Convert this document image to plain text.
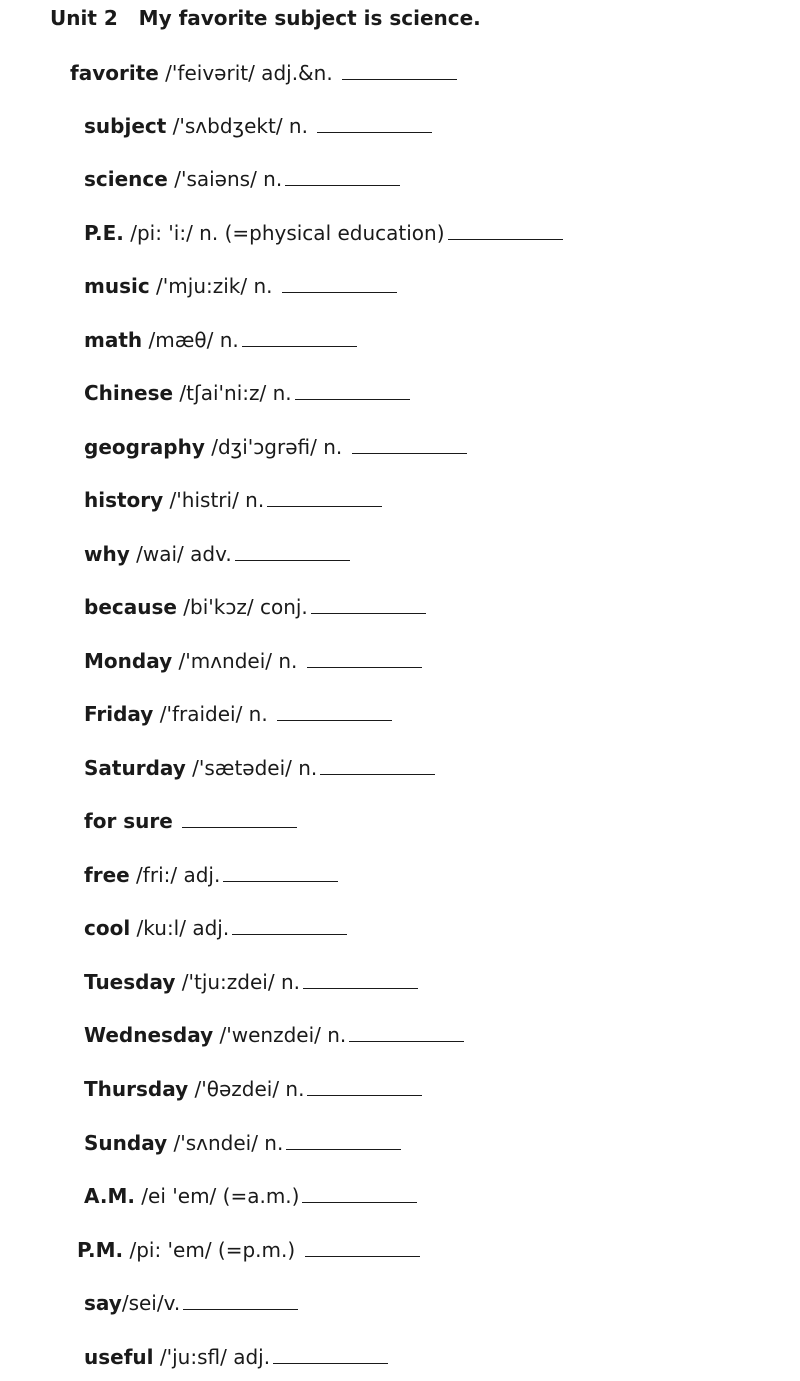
Unit 2   My favorite subject is science.
favorite /'feivərit/ adj.&n.
subject /'sʌbdʒekt/ n.
science /'saiəns/ n.
P.E. /pi: 'i:/ n. (=physical education)
music /'mju:zik/ n.
math /mæθ/ n.
Chinese /tʃai'ni:z/ n.
geography /dʒi'ɔgrəfi/ n.
history /'histri/ n.
why /wai/ adv.
because /bi'kɔz/ conj.
Monday /'mʌndei/ n.
Friday /'fraidei/ n.
Saturday /'sætədei/ n.
for sure
free /fri:/ adj.
cool /ku:l/ adj.
Tuesday /'tju:zdei/ n.
Wednesday /'wenzdei/ n.
Thursday /'θəzdei/ n.
Sunday /'sʌndei/ n.
A.M. /ei 'em/ (=a.m.)
P.M. /pi: 'em/ (=p.m.)
say/sei/v.
useful /'ju:sfl/ adj.
